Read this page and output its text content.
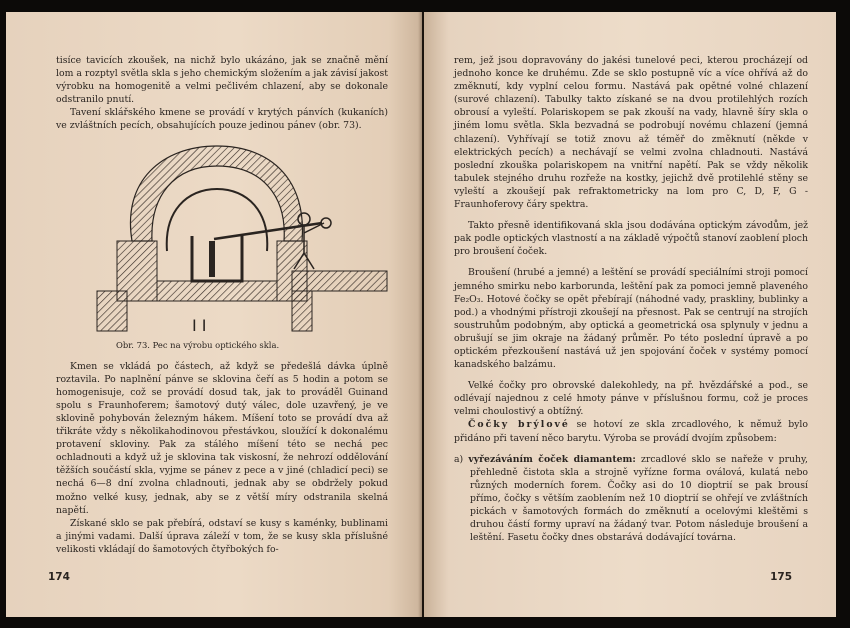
tisíce tavicích zkoušek, na nichž bylo ukázáno, jak se značně mění lom a rozptyl světla skla s jeho chemickým složením a jak závisí jakost výrobku na homogenitě a velmi pečlivém chlazení, aby se dokonale odstranilo pnutí.

Tavení sklářského kmene se provádí v krytých pánvích (kukaních) ve zvláštních pecích, obsahujících pouze jedinou pánev (obr. 73).

I I
Obr. 73. Pec na výrobu optického skla.

Kmen se vkládá po částech, až když se předešlá dávka úplně roztavila. Po naplnění pánve se sklovina čeří as 5 hodin a potom se homogenisuje, což se provádí dosud tak, jak to prováděl Guinand spolu s Fraunhoferem; šamotový dutý válec, dole uzavřený, je ve sklovině pohybován železným hákem. Míšení toto se provádí dva až třikráte vždy s několikahodinovou přestávkou, sloužící k dokonalému protavení skloviny. Pak za stálého míšení této se nechá pec ochladnouti a když už je sklovina tak viskosní, že nehrozí oddělování těžších součástí skla, vyjme se pánev z pece a v jiné (chladicí peci) se nechá 6—8 dní zvolna chladnouti, jednak aby se obdržely pokud možno velké kusy, jednak, aby se z větší míry odstranila skelná napětí.

Získané sklo se pak přebírá, odstaví se kusy s kaménky, bublinami a jinými vadami. Další úprava záleží v tom, že se kusy skla příslušné velikosti vkládají do šamotových čtyřbokých fo-

174

rem, jež jsou dopravovány do jakési tunelové peci, kterou procházejí od jednoho konce ke druhému. Zde se sklo postupně víc a více ohřívá až do změknutí, kdy vyplní celou formu. Nastává pak opětné volné chlazení (surové chlazení). Tabulky takto získané se na dvou protilehlých rozích obrousí a vyleští. Polariskopem se pak zkouší na vady, hlavně šíry skla o jiném lomu světla. Skla bezvadná se podrobují novému chlazení (jemná chlazení). Vyhřívají se totiž znovu až téměř do změknutí (někde v elektrických pecích) a nechávají se velmi zvolna chladnouti. Nastává poslední zkouška polariskopem na vnitřní napětí. Pak se vždy několik tabulek stejného druhu rozřeže na kostky, jejichž dvě protilehlé stěny se vyleští a zkoušejí pak refraktometricky na lom pro C, D, F, G - Fraunhoferovy čáry spektra.

Takto přesně identifikovaná skla jsou dodávána optickým závodům, jež pak podle optických vlastností a na základě výpočtů stanoví zaoblení ploch pro broušení čoček.

Broušení (hrubé a jemné) a leštění se provádí speciálními stroji pomocí jemného smirku nebo karborunda, leštění pak za pomoci jemně plaveného Fe₂O₃. Hotové čočky se opět přebírají (náhodné vady, praskliny, bublinky a pod.) a vhodnými přístroji zkoušejí na přesnost. Pak se centrují na strojích soustruhům podobným, aby optická a geometrická osa splynuly v jednu a obrušují se jim okraje na žádaný průměr. Po této poslední úpravě a po optickém přezkoušení nastává už jen spojování čoček v systémy pomocí kanadského balzámu.

Velké čočky pro obrovské dalekohledy, na př. hvězdářské a pod., se odlévají najednou z celé hmoty pánve v příslušnou formu, což je proces velmi choulostivý a obtížný.

Čočky brýlové se hotoví ze skla zrcadlového, k němuž bylo přidáno při tavení něco barytu. Výroba se provádí dvojím způsobem:

a) vyřezáváním čoček diamantem: zrcadlové sklo se nařeže v pruhy, přehledně čistota skla a strojně vyřízne forma oválová, kulatá nebo různých moderních forem. Čočky asi do 10 dioptrií se pak brousí přímo, čočky s větším zaoblením než 10 dioptrií se ohřejí ve zvláštních pickách v šamotových formách do změknutí a ocelovými kleštěmi s druhou částí formy upraví na žádaný tvar. Potom následuje broušení a leštění. Fasetu čočky dnes obstarává dodávající továrna.

175
